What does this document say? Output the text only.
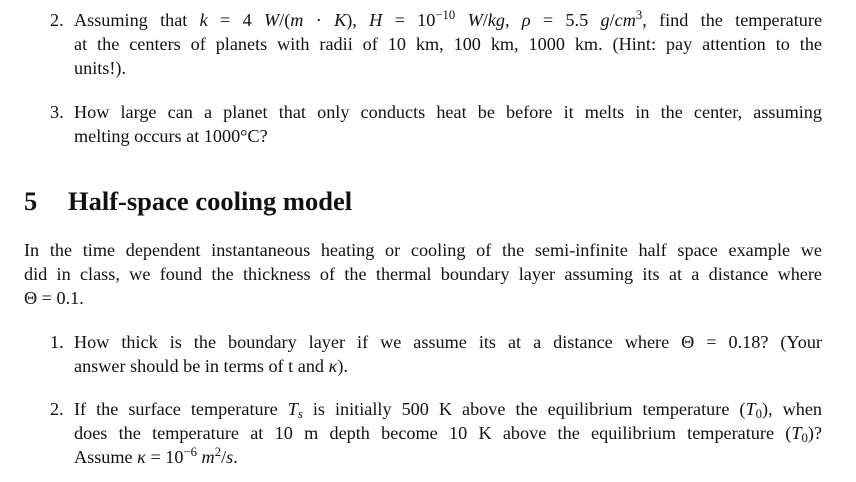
2. Assuming that k = 4 W/(m · K), $H = 10^{-10}$ W/kg, ρ = 5.5 $g/cm^3$, find the temperature
at the centers of planets with radii of 10 km, 100 km, 1000 km. (Hint: pay attention to the
units!).
3. How large can a planet that only conducts heat be before it melts in the center, assuming
melting occurs at 1000°C?
5 Half-space cooling model
In the time dependent instantaneous heating or cooling of the semi-infinite half space example we
did in class, we found the thickness of the thermal boundary layer assuming its at a distance where
Θ = 0.1.
1. How thick is the boundary layer if we assume its at a distance where Θ = 0.18? (Your
answer should be in terms of t and κ).
2. If the surface temperature $T_s$ is initially 500 K above the equilibrium temperature $(T_0)$, when
does the temperature at 10 m depth become 10 K above the equilibrium temperature $(T_0)$?
Assume $\kappa = 10^{-6}$ $m^2/s$.
